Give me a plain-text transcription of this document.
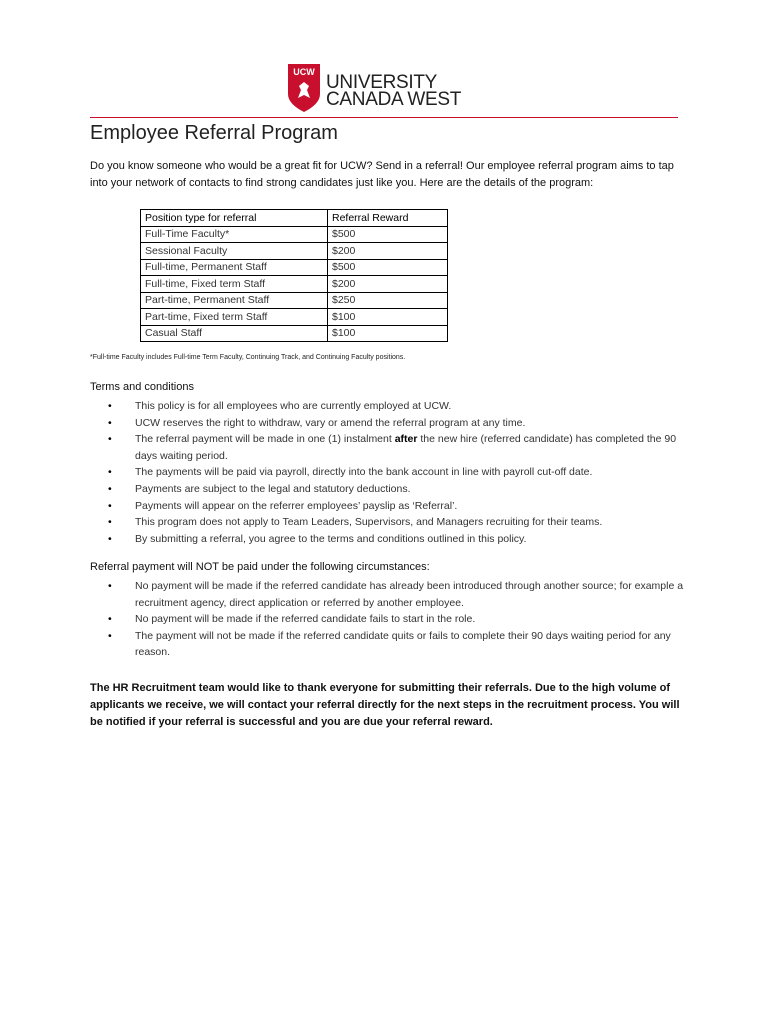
UCW UNIVERSITY
CANADA WEST
Employee Referral Program
Do you know someone who would be a great fit for UCW? Send in a referral! Our employee referral program aims to tap into your network of contacts to find strong candidates just like you. Here are the details of the program:
Position type for referral	Referral Reward
Full-Time Faculty*	$500
Sessional Faculty	$200
Full-time, Permanent Staff	$500
Full-time, Fixed term Staff	$200
Part-time, Permanent Staff	$250
Part-time, Fixed term Staff	$100
Casual Staff	$100
*Full-time Faculty includes Full-time Term Faculty, Continuing Track, and Continuing Faculty positions.
Terms and conditions
• This policy is for all employees who are currently employed at UCW.
• UCW reserves the right to withdraw, vary or amend the referral program at any time.
• The referral payment will be made in one (1) instalment after the new hire (referred candidate) has completed the 90 days waiting period.
• The payments will be paid via payroll, directly into the bank account in line with payroll cut-off date.
• Payments are subject to the legal and statutory deductions.
• Payments will appear on the referrer employees’ payslip as ‘Referral’.
• This program does not apply to Team Leaders, Supervisors, and Managers recruiting for their teams.
• By submitting a referral, you agree to the terms and conditions outlined in this policy.
Referral payment will NOT be paid under the following circumstances:
• No payment will be made if the referred candidate has already been introduced through another source; for example a recruitment agency, direct application or referred by another employee.
• No payment will be made if the referred candidate fails to start in the role.
• The payment will not be made if the referred candidate quits or fails to complete their 90 days waiting period for any reason.
The HR Recruitment team would like to thank everyone for submitting their referrals. Due to the high volume of applicants we receive, we will contact your referral directly for the next steps in the recruitment process. You will be notified if your referral is successful and you are due your referral reward.
